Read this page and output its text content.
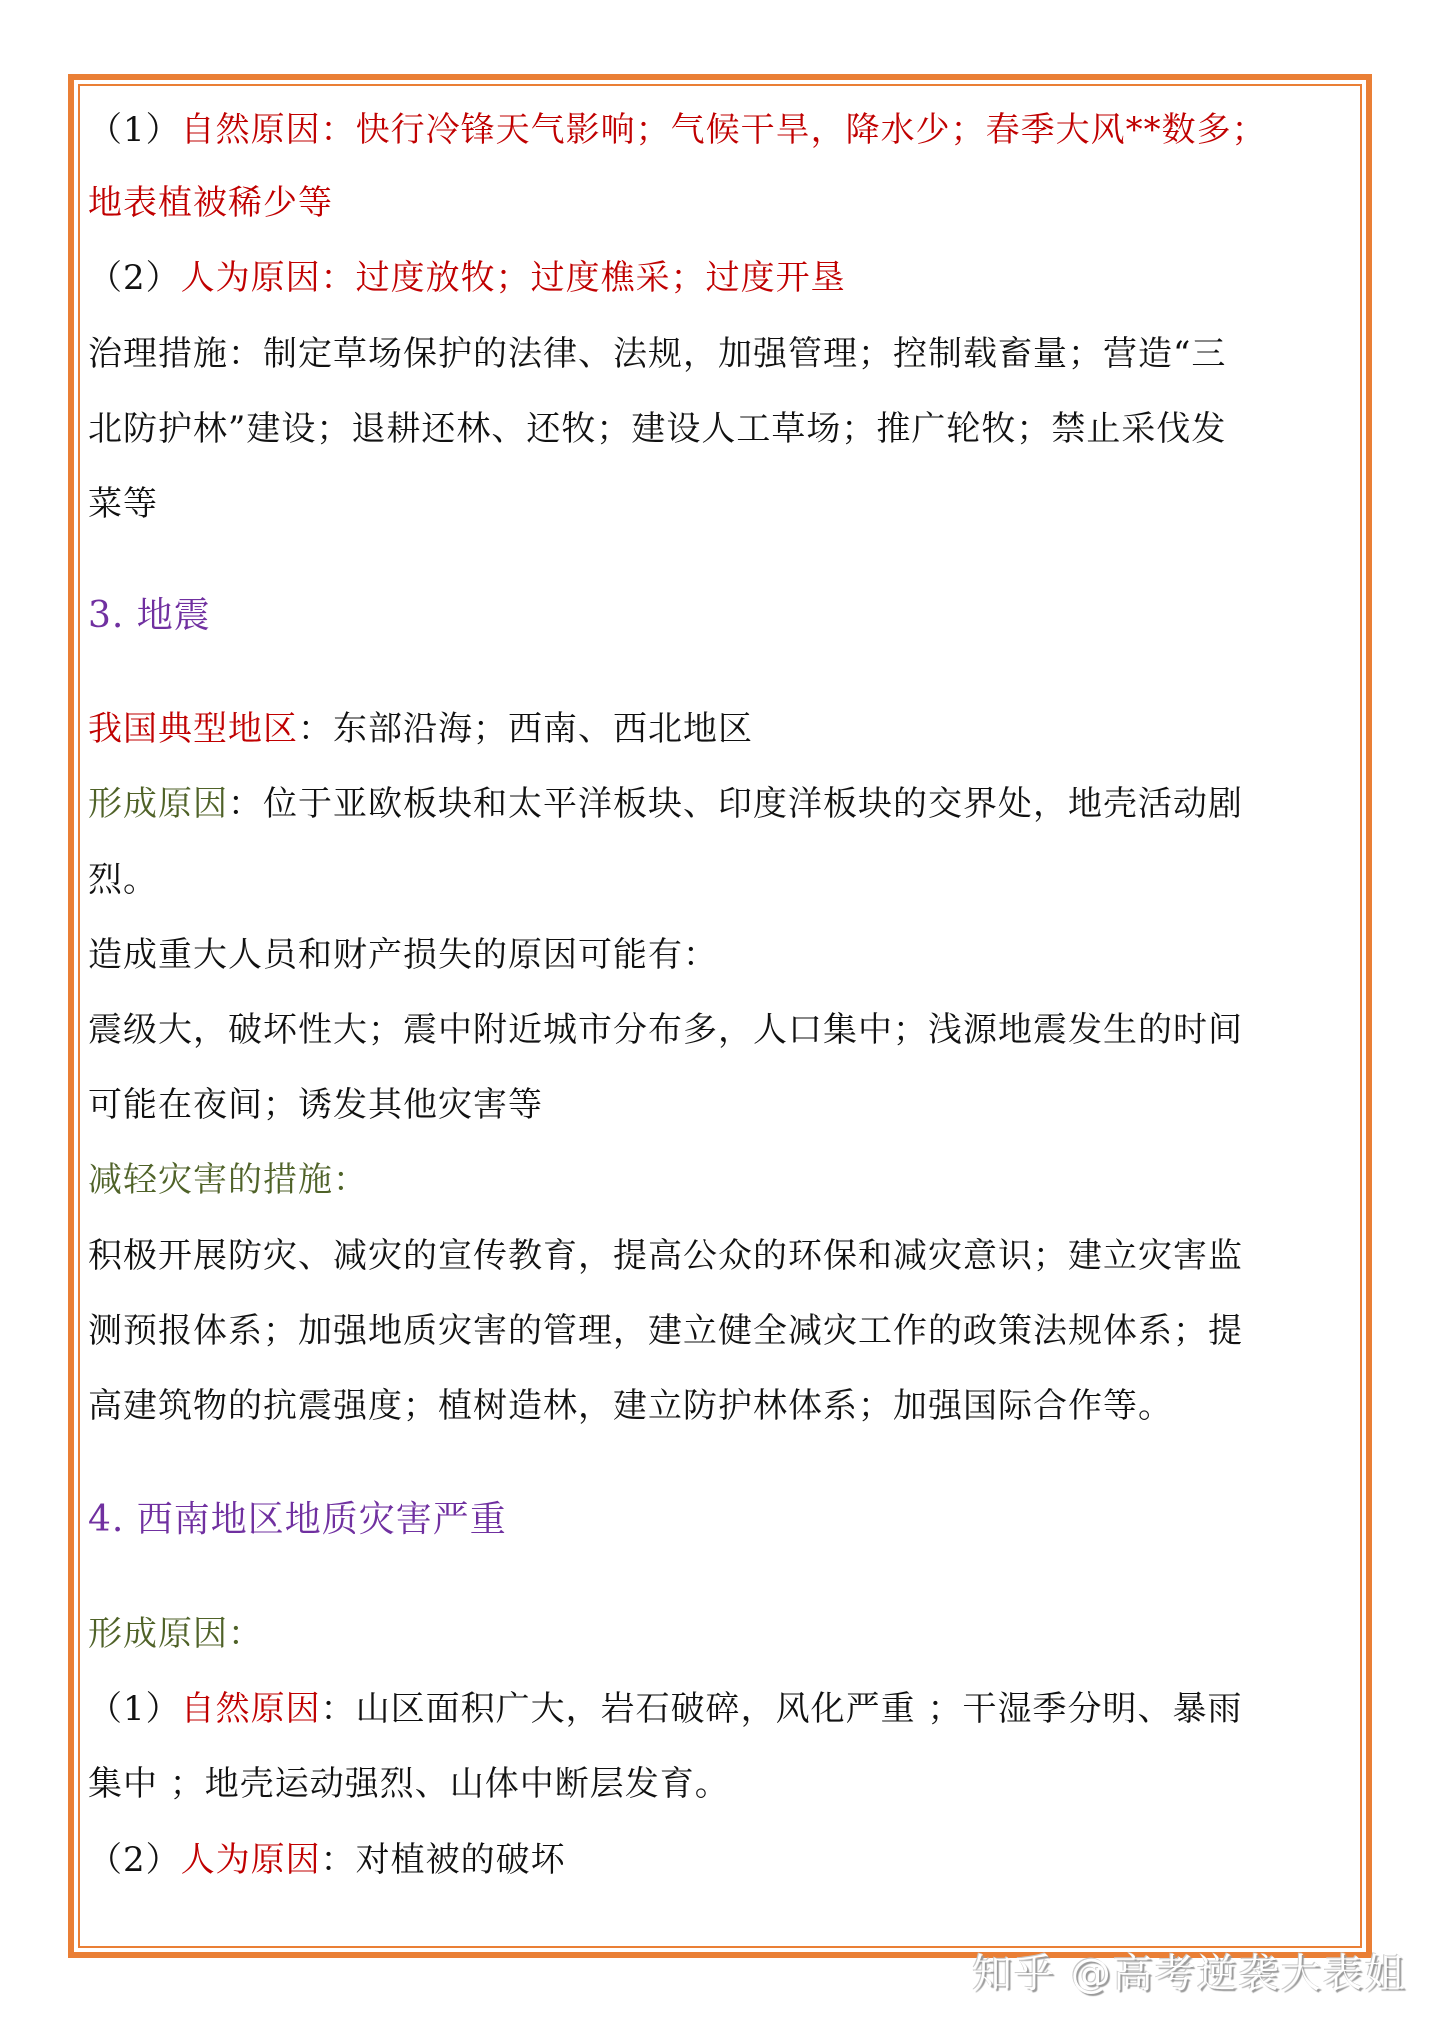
（1）自然原因：快行冷锋天气影响；气候干旱，降水少；春季大风**数多；
地表植被稀少等
（2）人为原因：过度放牧；过度樵采；过度开垦
治理措施：制定草场保护的法律、法规，加强管理；控制载畜量；营造“三
北防护林”建设；退耕还林、还牧；建设人工草场；推广轮牧；禁止采伐发
菜等
3. 地震
我国典型地区：东部沿海；西南、西北地区
形成原因：位于亚欧板块和太平洋板块、印度洋板块的交界处，地壳活动剧
烈。
造成重大人员和财产损失的原因可能有：
震级大，破坏性大；震中附近城市分布多，人口集中；浅源地震发生的时间
可能在夜间；诱发其他灾害等
减轻灾害的措施：
积极开展防灾、减灾的宣传教育，提高公众的环保和减灾意识；建立灾害监
测预报体系；加强地质灾害的管理，建立健全减灾工作的政策法规体系；提
高建筑物的抗震强度；植树造林，建立防护林体系；加强国际合作等。
4. 西南地区地质灾害严重
形成原因：
（1）自然原因：山区面积广大，岩石破碎，风化严重 ；干湿季分明、暴雨
集中 ；地壳运动强烈、山体中断层发育。
（2）人为原因：对植被的破坏
知乎 @高考逆袭大表姐
